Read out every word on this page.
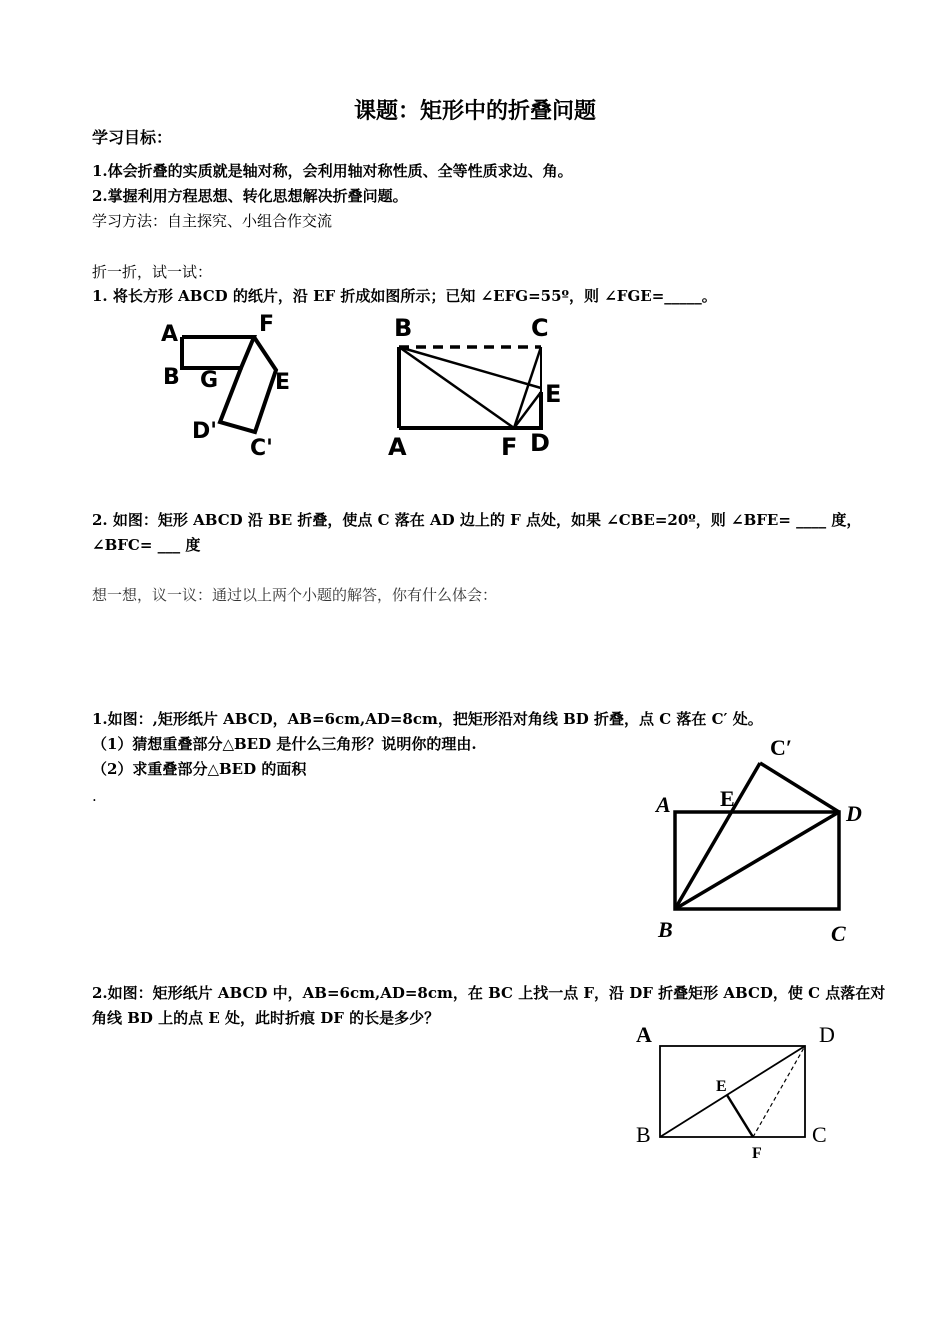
课题：矩形中的折叠问题
学习目标：
1.体会折叠的实质就是轴对称，会利用轴对称性质、全等性质求边、角。
2.掌握利用方程思想、转化思想解决折叠问题。
学习方法：自主探究、小组合作交流
折一折，试一试：
1. 将长方形 ABCD 的纸片，沿 EF 折成如图所示；已知 ∠EFG=55º，则 ∠FGE=_____。
A	F
B G	E
D'
C'
B	C
E
A	F D
2. 如图：矩形 ABCD 沿 BE 折叠，使点 C 落在 AD 边上的 F 点处，如果 ∠CBE=20º，则 ∠BFE= ____ 度，
∠BFC= ___ 度
想一想，议一议：通过以上两个小题的解答，你有什么体会：
1.如图：,矩形纸片 ABCD，AB=6cm,AD=8cm，把矩形沿对角线 BD 折叠，点 C 落在 C′ 处。
（1）猜想重叠部分△BED 是什么三角形？说明你的理由.
（2）求重叠部分△BED 的面积
.
C′
A E
D
B	C
2.如图：矩形纸片 ABCD 中，AB=6cm,AD=8cm，在 BC 上找一点 F，沿 DF 折叠矩形 ABCD，使 C 点落在对
角线 BD 上的点 E 处，此时折痕 DF 的长是多少？
A	D
E
B	C
F
